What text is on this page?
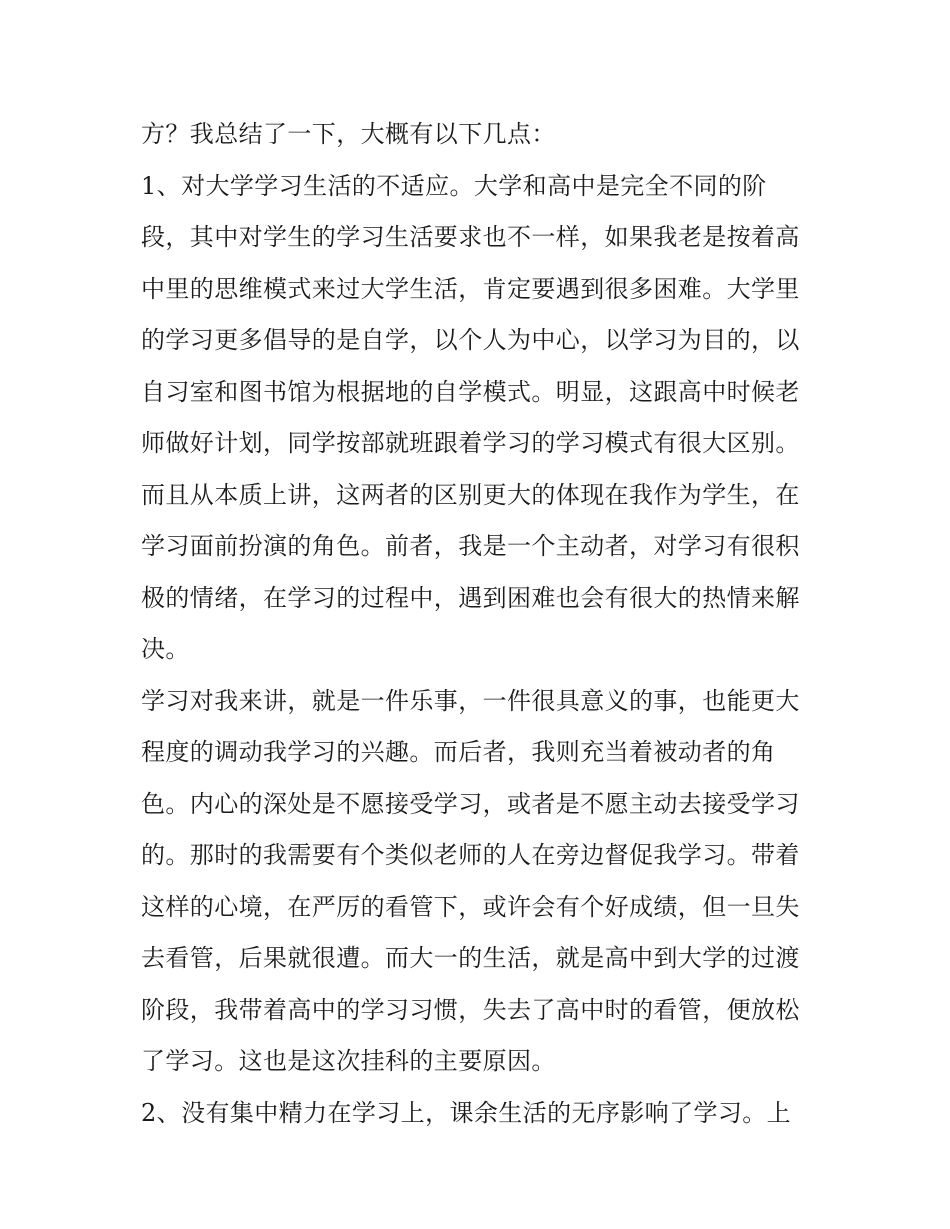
方？我总结了一下，大概有以下几点：
1、对大学学习生活的不适应。大学和高中是完全不同的阶
段，其中对学生的学习生活要求也不一样，如果我老是按着高
中里的思维模式来过大学生活，肯定要遇到很多困难。大学里
的学习更多倡导的是自学，以个人为中心，以学习为目的，以
自习室和图书馆为根据地的自学模式。明显，这跟高中时候老
师做好计划，同学按部就班跟着学习的学习模式有很大区别。
而且从本质上讲，这两者的区别更大的体现在我作为学生，在
学习面前扮演的角色。前者，我是一个主动者，对学习有很积
极的情绪，在学习的过程中，遇到困难也会有很大的热情来解
决。
学习对我来讲，就是一件乐事，一件很具意义的事，也能更大
程度的调动我学习的兴趣。而后者，我则充当着被动者的角
色。内心的深处是不愿接受学习，或者是不愿主动去接受学习
的。那时的我需要有个类似老师的人在旁边督促我学习。带着
这样的心境，在严厉的看管下，或许会有个好成绩，但一旦失
去看管，后果就很遭。而大一的生活，就是高中到大学的过渡
阶段，我带着高中的学习习惯，失去了高中时的看管，便放松
了学习。这也是这次挂科的主要原因。
2、没有集中精力在学习上，课余生活的无序影响了学习。上
